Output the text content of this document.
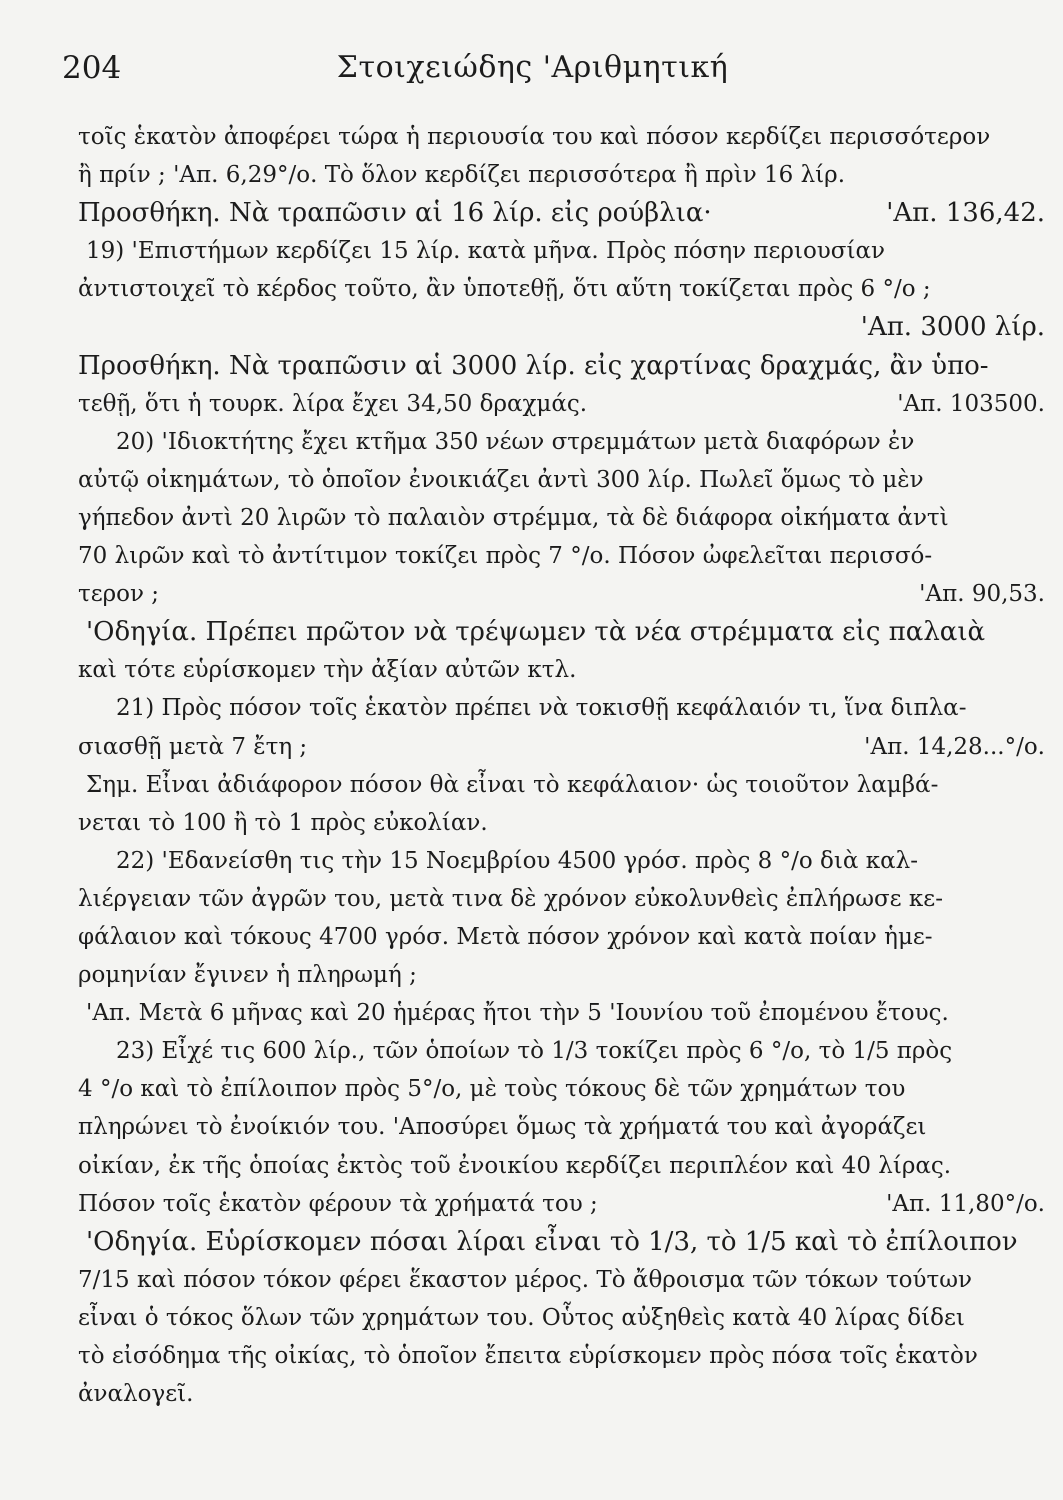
204	Στοιχειώδης 'Αριθμητική
τοῖς ἑκατὸν ἀποφέρει τώρα ἡ περιουσία του καὶ πόσον κερδίζει περισσότερον
ἢ πρίν ; 'Απ. 6,29°/ο. Τὸ ὅλον κερδίζει περισσότερα ἢ πρὶν 16 λίρ.
Προσθήκη. Νὰ τραπῶσιν αἱ 16 λίρ. εἰς ρούβλια·	'Απ. 136,42.
19) 'Επιστήμων κερδίζει 15 λίρ. κατὰ μῆνα. Πρὸς πόσην περιουσίαν
ἀντιστοιχεῖ τὸ κέρδος τοῦτο, ἂν ὑποτεθῇ, ὅτι αὕτη τοκίζεται πρὸς 6 °/ο ;
'Απ. 3000 λίρ.
Προσθήκη. Νὰ τραπῶσιν αἱ 3000 λίρ. εἰς χαρτίνας δραχμάς, ἂν ὑπο-
τεθῇ, ὅτι ἡ τουρκ. λίρα ἔχει 34,50 δραχμάς.	'Απ. 103500.
20) 'Ιδιοκτήτης ἔχει κτῆμα 350 νέων στρεμμάτων μετὰ διαφόρων ἐν
αὐτῷ οἰκημάτων, τὸ ὁποῖον ἐνοικιάζει ἀντὶ 300 λίρ. Πωλεῖ ὅμως τὸ μὲν
γήπεδον ἀντὶ 20 λιρῶν τὸ παλαιὸν στρέμμα, τὰ δὲ διάφορα οἰκήματα ἀντὶ
70 λιρῶν καὶ τὸ ἀντίτιμον τοκίζει πρὸς 7 °/ο. Πόσον ὠφελεῖται περισσό-
τερον ;	'Απ. 90,53.
'Οδηγία. Πρέπει πρῶτον νὰ τρέψωμεν τὰ νέα στρέμματα εἰς παλαιὰ
καὶ τότε εὑρίσκομεν τὴν ἀξίαν αὐτῶν κτλ.
21) Πρὸς πόσον τοῖς ἑκατὸν πρέπει νὰ τοκισθῇ κεφάλαιόν τι, ἵνα διπλα-
σιασθῇ μετὰ 7 ἔτη ;	'Απ. 14,28...°/ο.
Σημ. Εἶναι ἀδιάφορον πόσον θὰ εἶναι τὸ κεφάλαιον· ὡς τοιοῦτον λαμβά-
νεται τὸ 100 ἢ τὸ 1 πρὸς εὐκολίαν.
22) 'Εδανείσθη τις τὴν 15 Νοεμβρίου 4500 γρόσ. πρὸς 8 °/ο διὰ καλ-
λιέργειαν τῶν ἀγρῶν του, μετὰ τινα δὲ χρόνον εὐκολυνθεὶς ἐπλήρωσε κε-
φάλαιον καὶ τόκους 4700 γρόσ. Μετὰ πόσον χρόνον καὶ κατὰ ποίαν ἡμε-
ρομηνίαν ἔγινεν ἡ πληρωμή ;
'Απ. Μετὰ 6 μῆνας καὶ 20 ἡμέρας ἤτοι τὴν 5 'Ιουνίου τοῦ ἐπομένου ἔτους.
23) Εἶχέ τις 600 λίρ., τῶν ὁποίων τὸ 1/3 τοκίζει πρὸς 6 °/ο, τὸ 1/5 πρὸς
4 °/ο καὶ τὸ ἐπίλοιπον πρὸς 5°/ο, μὲ τοὺς τόκους δὲ τῶν χρημάτων του
πληρώνει τὸ ἐνοίκιόν του. 'Αποσύρει ὅμως τὰ χρήματά του καὶ ἀγοράζει
οἰκίαν, ἐκ τῆς ὁποίας ἐκτὸς τοῦ ἐνοικίου κερδίζει περιπλέον καὶ 40 λίρας.
Πόσον τοῖς ἑκατὸν φέρουν τὰ χρήματά του ;	'Απ. 11,80°/ο.
'Οδηγία. Εὑρίσκομεν πόσαι λίραι εἶναι τὸ 1/3, τὸ 1/5 καὶ τὸ ἐπίλοιπον
7/15 καὶ πόσον τόκον φέρει ἕκαστον μέρος. Τὸ ἄθροισμα τῶν τόκων τούτων
εἶναι ὁ τόκος ὅλων τῶν χρημάτων του. Οὗτος αὐξηθεὶς κατὰ 40 λίρας δίδει
τὸ εἰσόδημα τῆς οἰκίας, τὸ ὁποῖον ἔπειτα εὑρίσκομεν πρὸς πόσα τοῖς ἑκατὸν
ἀναλογεῖ.
